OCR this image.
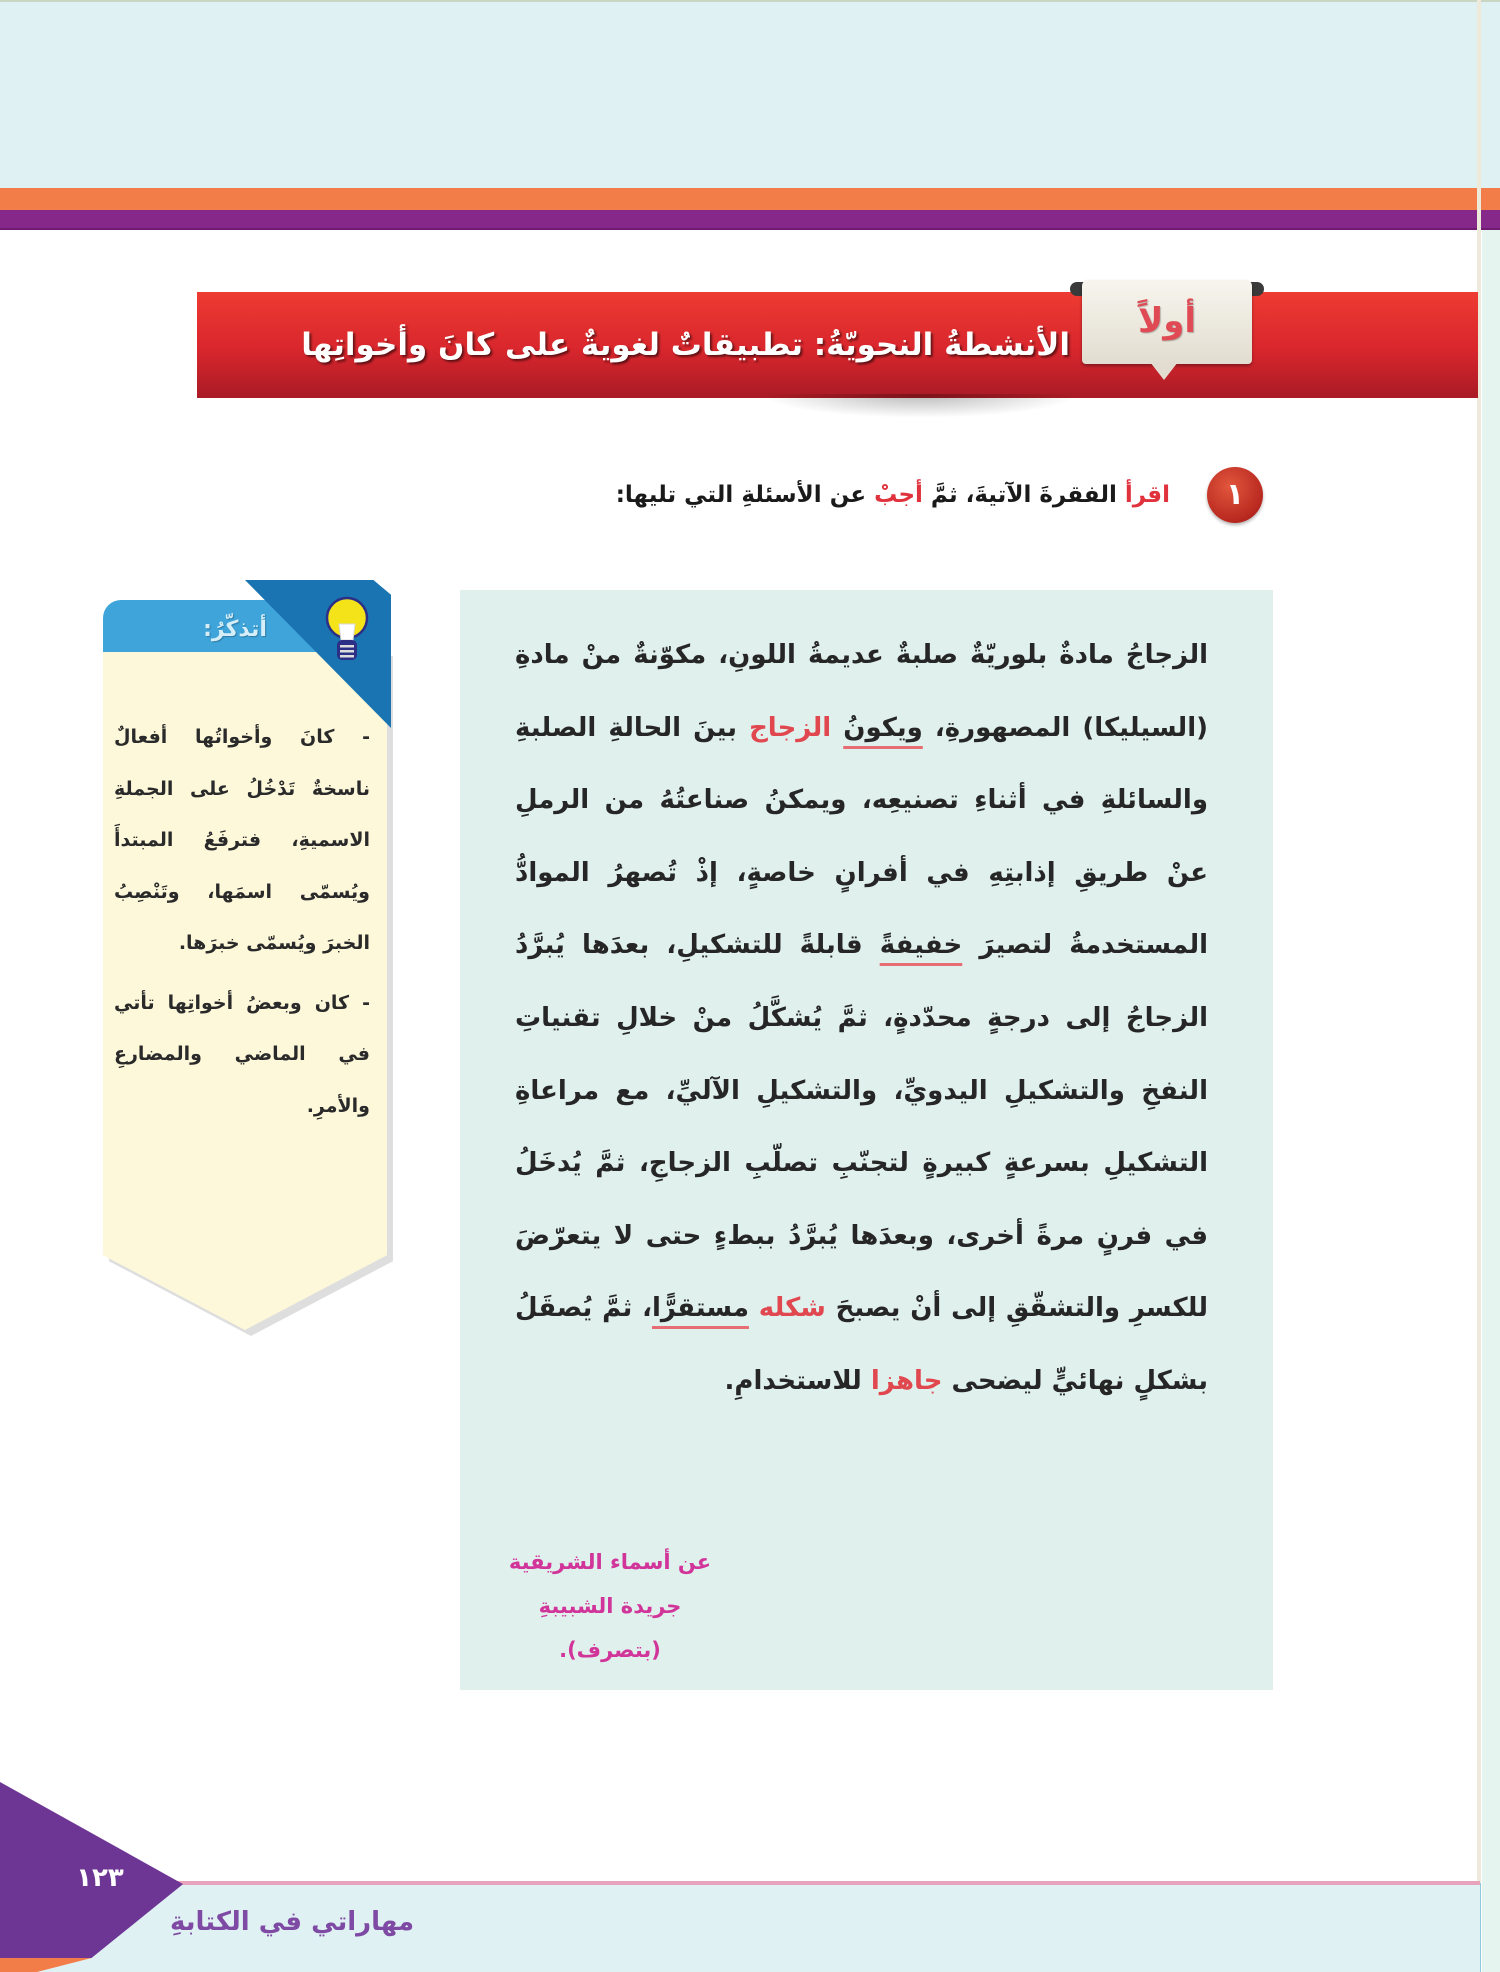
أولاً
الأنشطةُ النحويّةُ: تطبيقاتٌ لغويةٌ على كانَ وأخواتِها
١
اقرأ الفقرةَ الآتيةَ، ثمَّ أجبْ عن الأسئلةِ التي تليها:
الزجاجُ مادةٌ بلوريّةٌ صلبةٌ عديمةُ اللونِ، مكوّنةٌ منْ مادةِ
(السيليكا) المصهورةِ، ويكونُ الزجاج بينَ الحالةِ الصلبةِ
والسائلةِ في أثناءِ تصنيعِه، ويمكنُ صناعتُهُ من الرملِ
عنْ طريقِ إذابتِهِ في أفرانٍ خاصةٍ، إذْ تُصهرُ الموادُّ
المستخدمةُ لتصيرَ خفيفةً قابلةً للتشكيلِ، بعدَها يُبرَّدُ
الزجاجُ إلى درجةٍ محدّدةٍ، ثمَّ يُشكَّلُ منْ خلالِ تقنياتِ
النفخِ والتشكيلِ اليدويِّ، والتشكيلِ الآليِّ، مع مراعاةِ
التشكيلِ بسرعةٍ كبيرةٍ لتجنّبِ تصلّبِ الزجاجِ، ثمَّ يُدخَلُ
في فرنٍ مرةً أخرى، وبعدَها يُبرَّدُ ببطءٍ حتى لا يتعرّضَ
للكسرِ والتشقّقِ إلى أنْ يصبحَ شكله مستقرًّا، ثمَّ يُصقَلُ
بشكلٍ نهائيٍّ ليضحى جاهزا للاستخدامِ.
عن أسماء الشريقية
جريدة الشبيبةِ
(بتصرف).
أتذكّرُ:
- كانَ وأخواتُها أفعالٌ ناسخةٌ تَدْخُلُ على الجملةِ الاسميةِ، فترفَعُ المبتدأَ ويُسمّى اسمَها، وتَنْصِبُ الخبرَ ويُسمّى خبرَها.
- كان وبعضُ أخواتِها تأتي في الماضي والمضارعِ والأمرِ.
١٢٣
مهاراتي في الكتابةِ
